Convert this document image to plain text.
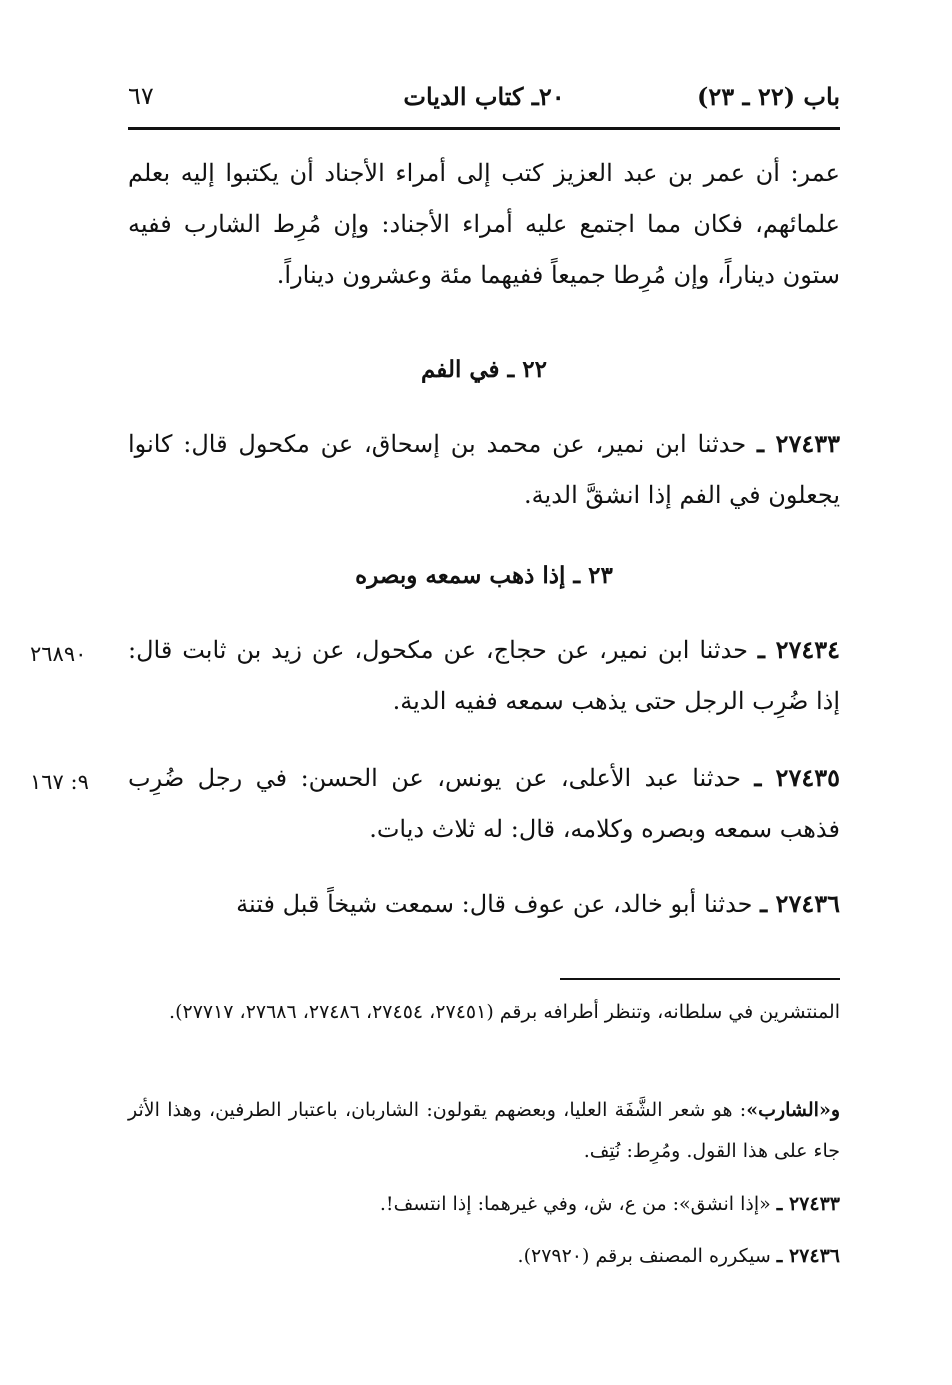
باب (٢٢ ـ ٢٣)
٢٠ـ كتاب الديات
٦٧

عمر: أن عمر بن عبد العزيز كتب إلى أمراء الأجناد أن يكتبوا إليه بعلم علمائهم، فكان مما اجتمع عليه أمراء الأجناد: وإن مُرِط الشارب ففيه ستون ديناراً، وإن مُرِطا جميعاً ففيهما مئة وعشرون ديناراً.

٢٢ ـ في الفم

٢٧٤٣٣ ـ حدثنا ابن نمير، عن محمد بن إسحاق، عن مكحول قال: كانوا يجعلون في الفم إذا انشقَّ الدية.

٢٣ ـ إذا ذهب سمعه وبصره

٢٧٤٣٤ ـ حدثنا ابن نمير، عن حجاج، عن مكحول، عن زيد بن ثابت قال: إذا ضُرِب الرجل حتى يذهب سمعه ففيه الدية.

٢٦٨٩٠

٢٧٤٣٥ ـ حدثنا عبد الأعلى، عن يونس، عن الحسن: في رجل ضُرِب فذهب سمعه وبصره وكلامه، قال: له ثلاث ديات.

٩: ١٦٧

٢٧٤٣٦ ـ حدثنا أبو خالد، عن عوف قال: سمعت شيخاً قبل فتنة

المنتشرين في سلطانه، وتنظر أطرافه برقم (٢٧٤٥١، ٢٧٤٥٤، ٢٧٤٨٦، ٢٧٦٨٦، ٢٧٧١٧).

و«الشارب»: هو شعر الشَّفَة العليا، وبعضهم يقولون: الشاربان، باعتبار الطرفين، وهذا الأثر جاء على هذا القول. ومُرِط: نُتِف.

٢٧٤٣٣ ـ «إذا انشق»: من ع، ش، وفي غيرهما: إذا انتسف!.

٢٧٤٣٦ ـ سيكرره المصنف برقم (٢٧٩٢٠).
